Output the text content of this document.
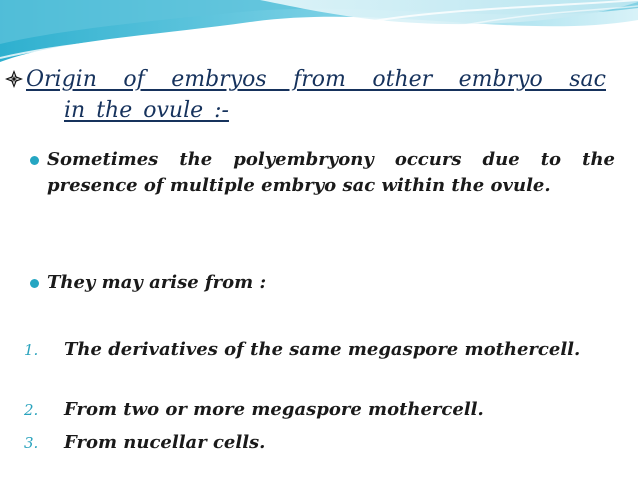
Origin of embryos from other embryo sac
in the ovule :-
Sometimes the polyembryony occurs due to the presence of multiple embryo sac within the ovule.
They may arise from :
1. The derivatives of the same megaspore mothercell.
2. From two or more megaspore mothercell.
3. From nucellar cells.
